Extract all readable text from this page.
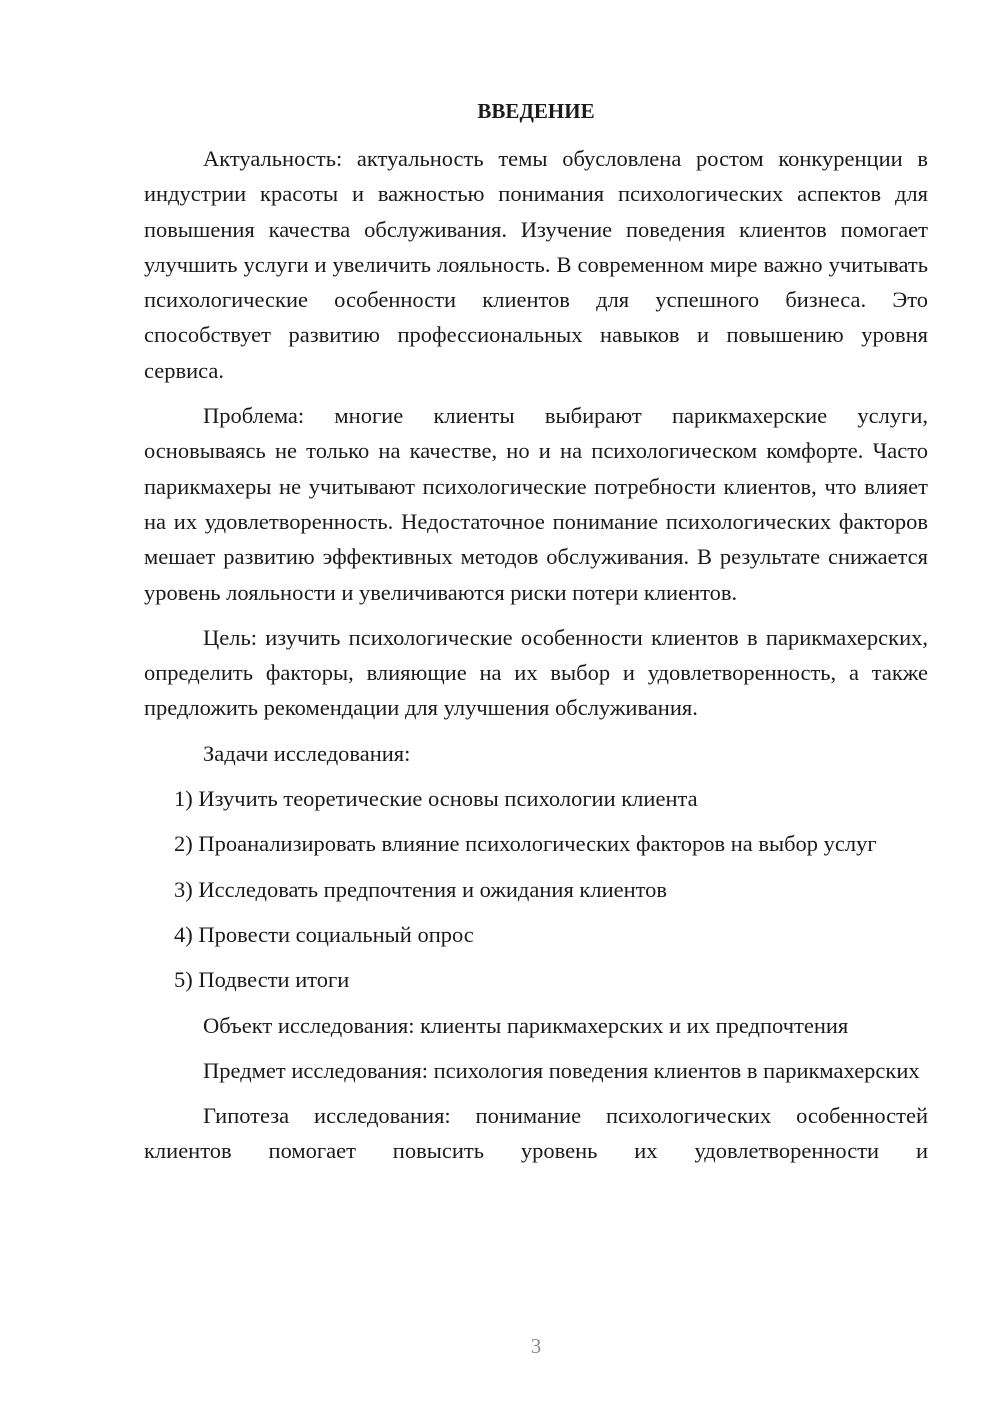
ВВЕДЕНИЕ

Актуальность: актуальность темы обусловлена ростом конкуренции в индустрии красоты и важностью понимания психологических аспектов для повышения качества обслуживания. Изучение поведения клиентов помогает улучшить услуги и увеличить лояльность. В современном мире важно учитывать психологические особенности клиентов для успешного бизнеса. Это способствует развитию профессиональных навыков и повышению уровня сервиса.

Проблема: многие клиенты выбирают парикмахерские услуги, основываясь не только на качестве, но и на психологическом комфорте. Часто парикмахеры не учитывают психологические потребности клиентов, что влияет на их удовлетворенность. Недостаточное понимание психологических факторов мешает развитию эффективных методов обслуживания. В результате снижается уровень лояльности и увеличиваются риски потери клиентов.

Цель: изучить психологические особенности клиентов в парикмахерских, определить факторы, влияющие на их выбор и удовлетворенность, а также предложить рекомендации для улучшения обслуживания.

Задачи исследования:

1) Изучить теоретические основы психологии клиента

2) Проанализировать влияние психологических факторов на выбор услуг

3) Исследовать предпочтения и ожидания клиентов

4) Провести социальный опрос

5) Подвести итоги

Объект исследования: клиенты парикмахерских и их предпочтения

Предмет исследования: психология поведения клиентов в парикмахерских

Гипотеза исследования: понимание психологических особенностей клиентов помогает повысить уровень их удовлетворенности и

3
